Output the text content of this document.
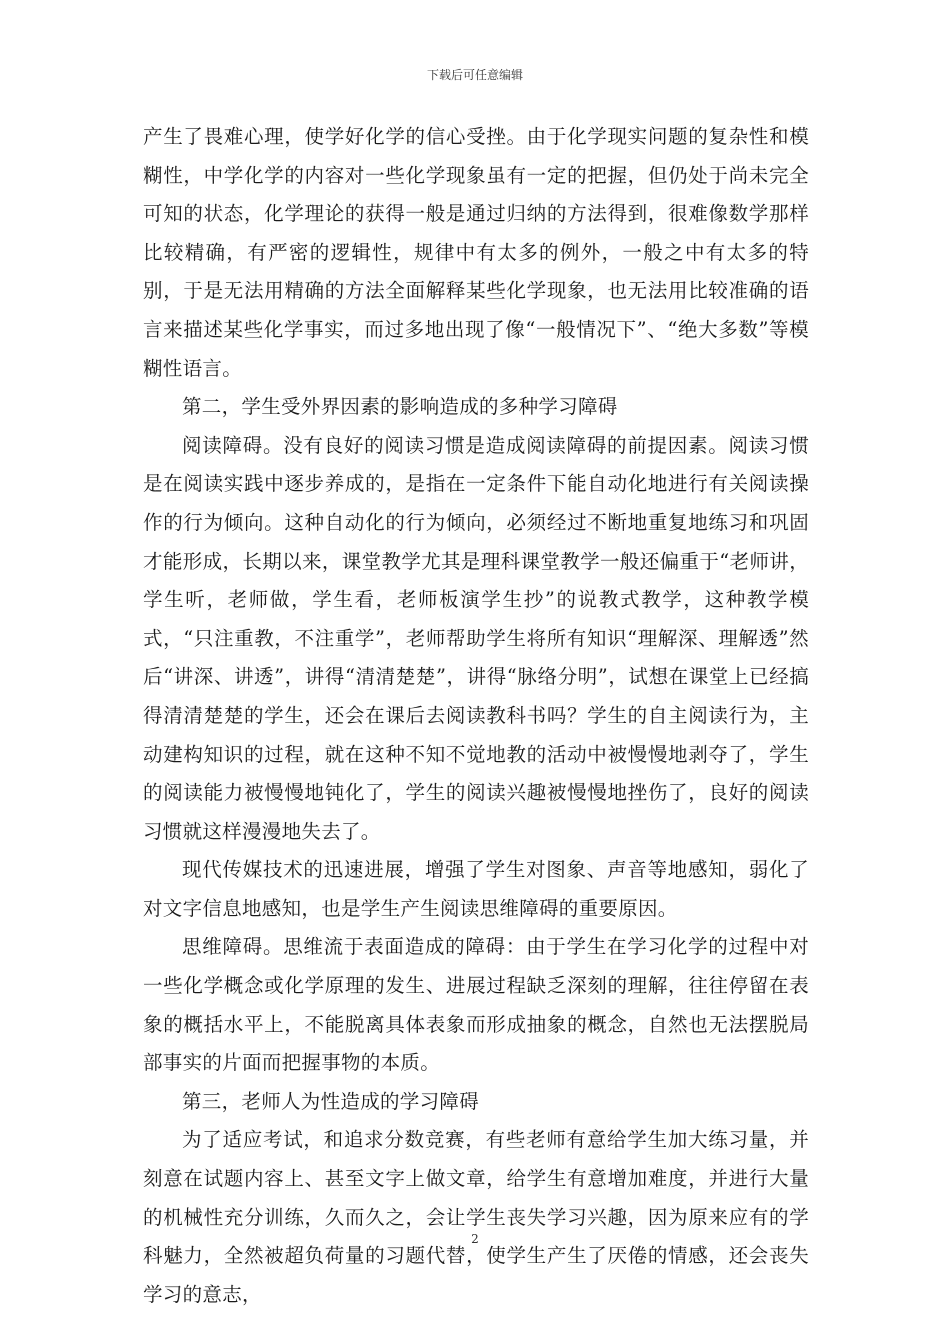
下载后可任意编辑

产生了畏难心理，使学好化学的信心受挫。由于化学现实问题的复杂性和模糊性，中学化学的内容对一些化学现象虽有一定的把握，但仍处于尚未完全可知的状态，化学理论的获得一般是通过归纳的方法得到，很难像数学那样比较精确，有严密的逻辑性，规律中有太多的例外，一般之中有太多的特别，于是无法用精确的方法全面解释某些化学现象，也无法用比较准确的语言来描述某些化学事实，而过多地出现了像“一般情况下”、“绝大多数”等模糊性语言。

第二，学生受外界因素的影响造成的多种学习障碍

阅读障碍。没有良好的阅读习惯是造成阅读障碍的前提因素。阅读习惯是在阅读实践中逐步养成的，是指在一定条件下能自动化地进行有关阅读操作的行为倾向。这种自动化的行为倾向，必须经过不断地重复地练习和巩固才能形成，长期以来，课堂教学尤其是理科课堂教学一般还偏重于“老师讲，学生听，老师做，学生看，老师板演学生抄”的说教式教学，这种教学模式，“只注重教，不注重学”，老师帮助学生将所有知识“理解深、理解透”然后“讲深、讲透”，讲得“清清楚楚”，讲得“脉络分明”，试想在课堂上已经搞得清清楚楚的学生，还会在课后去阅读教科书吗？学生的自主阅读行为，主动建构知识的过程，就在这种不知不觉地教的活动中被慢慢地剥夺了，学生的阅读能力被慢慢地钝化了，学生的阅读兴趣被慢慢地挫伤了，良好的阅读习惯就这样漫漫地失去了。

现代传媒技术的迅速进展，增强了学生对图象、声音等地感知，弱化了对文字信息地感知，也是学生产生阅读思维障碍的重要原因。

思维障碍。思维流于表面造成的障碍：由于学生在学习化学的过程中对一些化学概念或化学原理的发生、进展过程缺乏深刻的理解，往往停留在表象的概括水平上，不能脱离具体表象而形成抽象的概念，自然也无法摆脱局部事实的片面而把握事物的本质。

第三，老师人为性造成的学习障碍

为了适应考试，和追求分数竞赛，有些老师有意给学生加大练习量，并刻意在试题内容上、甚至文字上做文章，给学生有意增加难度，并进行大量的机械性充分训练，久而久之，会让学生丧失学习兴趣，因为原来应有的学科魅力，全然被超负荷量的习题代替，使学生产生了厌倦的情感，还会丧失学习的意志，

2
